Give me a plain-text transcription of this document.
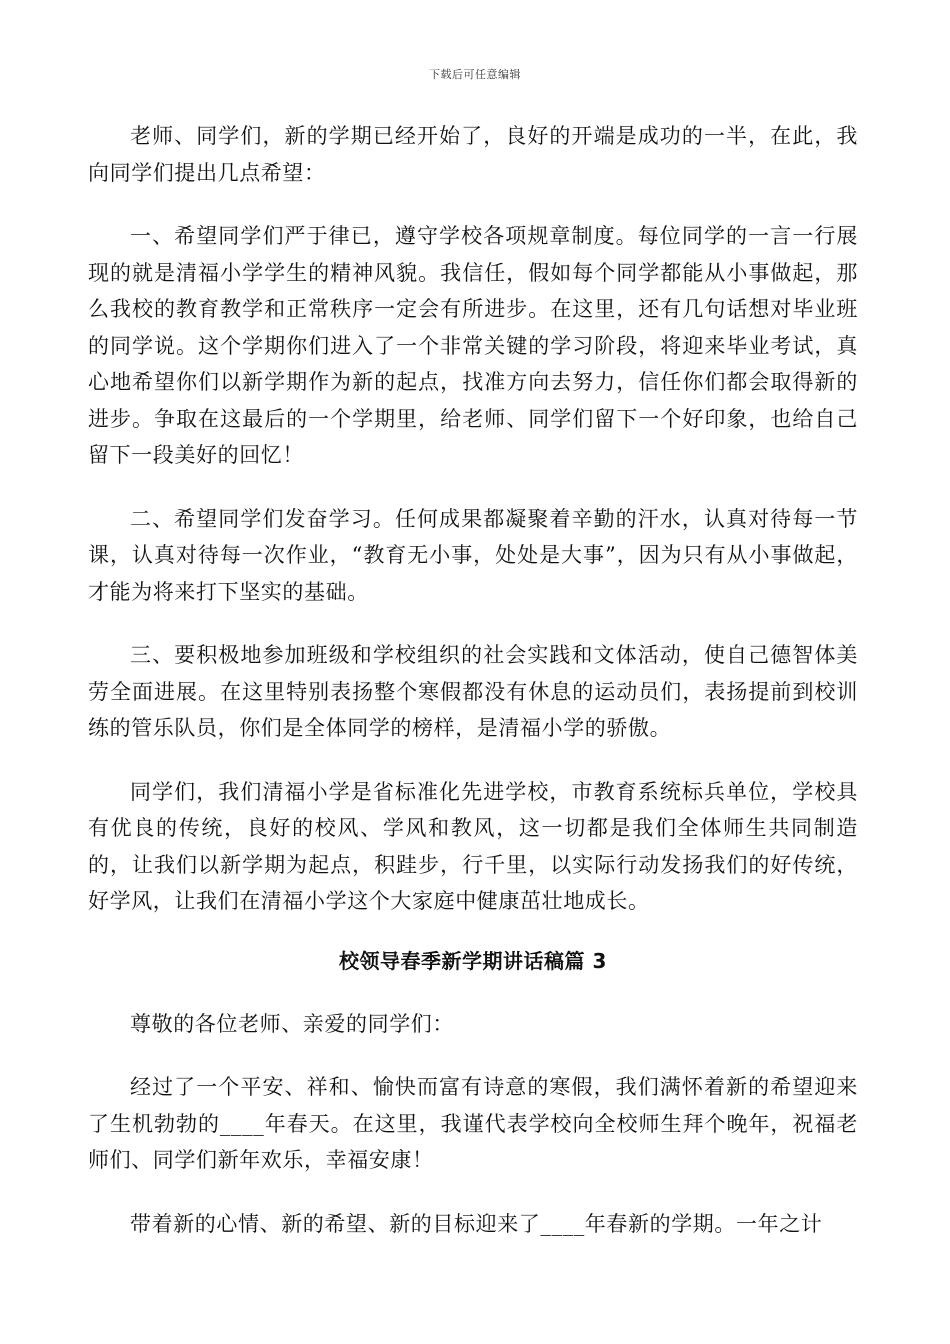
下载后可任意编辑

老师、同学们，新的学期已经开始了，良好的开端是成功的一半，在此，我向同学们提出几点希望：

一、希望同学们严于律已，遵守学校各项规章制度。每位同学的一言一行展现的就是清福小学学生的精神风貌。我信任，假如每个同学都能从小事做起，那么我校的教育教学和正常秩序一定会有所进步。在这里，还有几句话想对毕业班的同学说。这个学期你们进入了一个非常关键的学习阶段，将迎来毕业考试，真心地希望你们以新学期作为新的起点，找准方向去努力，信任你们都会取得新的进步。争取在这最后的一个学期里，给老师、同学们留下一个好印象，也给自己留下一段美好的回忆！

二、希望同学们发奋学习。任何成果都凝聚着辛勤的汗水，认真对待每一节课，认真对待每一次作业，“教育无小事，处处是大事”，因为只有从小事做起，才能为将来打下坚实的基础。

三、要积极地参加班级和学校组织的社会实践和文体活动，使自己德智体美劳全面进展。在这里特别表扬整个寒假都没有休息的运动员们，表扬提前到校训练的管乐队员，你们是全体同学的榜样，是清福小学的骄傲。

同学们，我们清福小学是省标准化先进学校，市教育系统标兵单位，学校具有优良的传统，良好的校风、学风和教风，这一切都是我们全体师生共同制造的，让我们以新学期为起点，积跬步，行千里，以实际行动发扬我们的好传统，好学风，让我们在清福小学这个大家庭中健康茁壮地成长。

校领导春季新学期讲话稿篇 3

尊敬的各位老师、亲爱的同学们：

经过了一个平安、祥和、愉快而富有诗意的寒假，我们满怀着新的希望迎来了生机勃勃的____年春天。在这里，我谨代表学校向全校师生拜个晚年，祝福老师们、同学们新年欢乐，幸福安康！

带着新的心情、新的希望、新的目标迎来了____年春新的学期。一年之计
